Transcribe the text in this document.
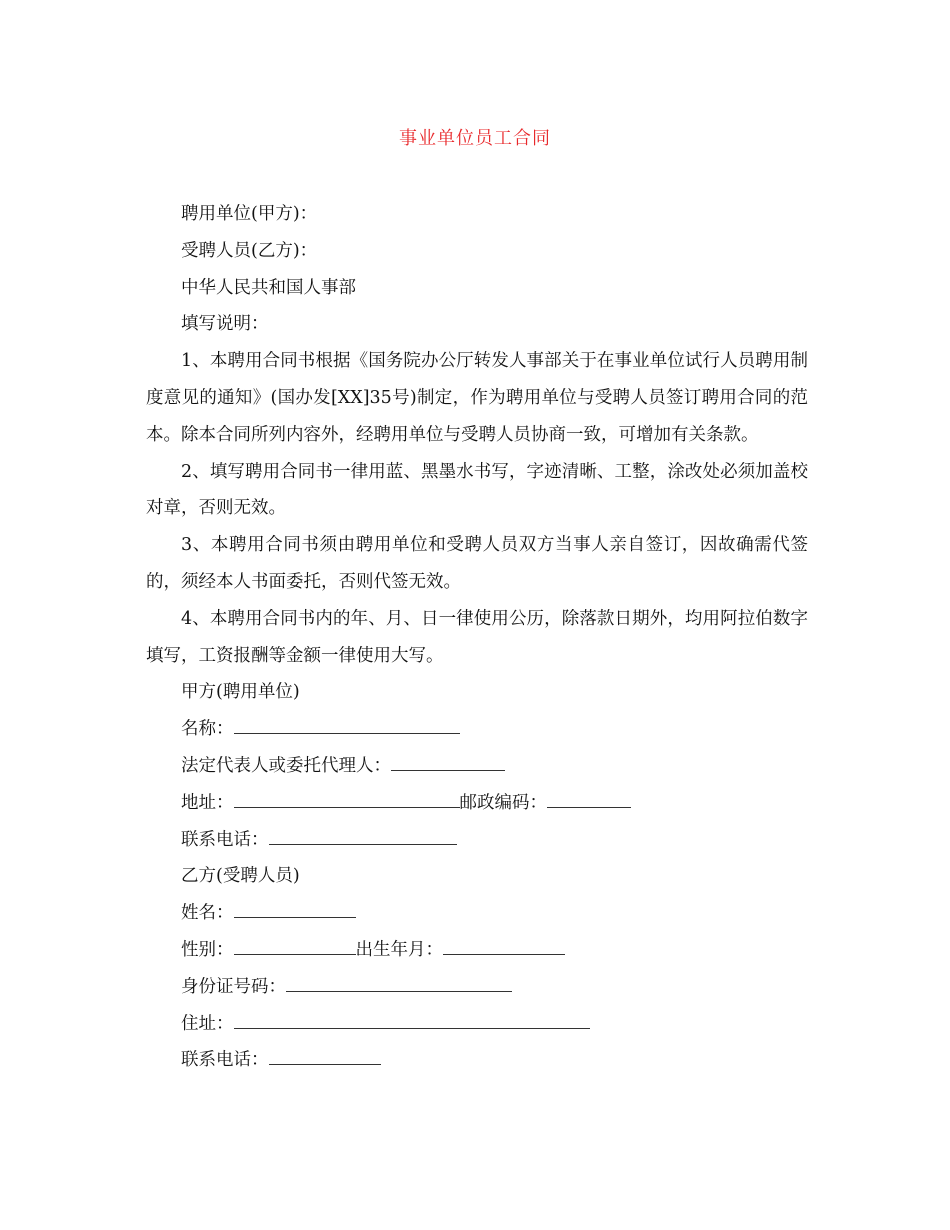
事业单位员工合同

聘用单位(甲方)：

受聘人员(乙方)：

中华人民共和国人事部

填写说明：

1、本聘用合同书根据《国务院办公厅转发人事部关于在事业单位试行人员聘用制度意见的通知》(国办发[XX]35号)制定，作为聘用单位与受聘人员签订聘用合同的范本。除本合同所列内容外，经聘用单位与受聘人员协商一致，可增加有关条款。

2、填写聘用合同书一律用蓝、黑墨水书写，字迹清晰、工整，涂改处必须加盖校对章，否则无效。

3、本聘用合同书须由聘用单位和受聘人员双方当事人亲自签订，因故确需代签的，须经本人书面委托，否则代签无效。

4、本聘用合同书内的年、月、日一律使用公历，除落款日期外，均用阿拉伯数字填写，工资报酬等金额一律使用大写。

甲方(聘用单位)

名称：

法定代表人或委托代理人：

地址：	邮政编码：

联系电话：

乙方(受聘人员)

姓名：

性别：	出生年月：

身份证号码：

住址：

联系电话：
